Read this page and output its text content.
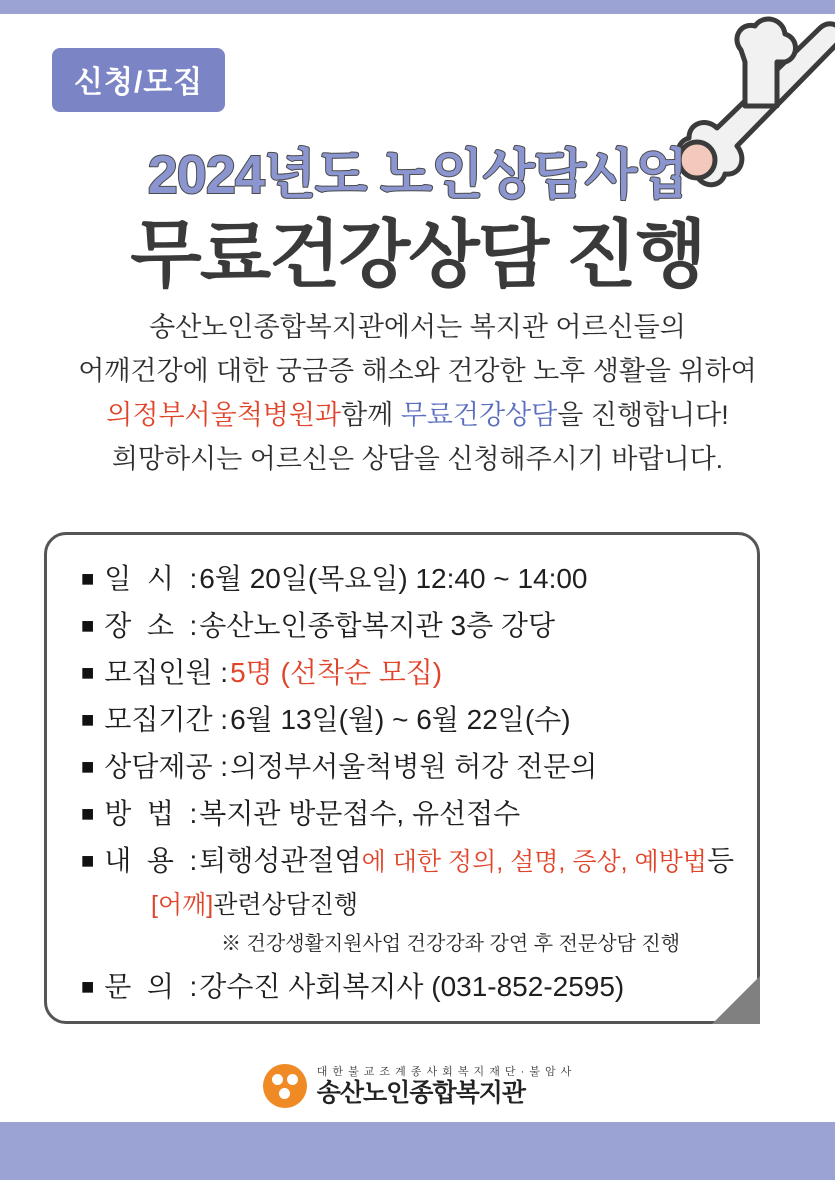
신청/모집
2024년도 노인상담사업
무료건강상담 진행
송산노인종합복지관에서는 복지관 어르신들의
어깨건강에 대한 궁금증 해소와 건강한 노후 생활을 위하여
의정부서울척병원과함께 무료건강상담을 진행합니다!
희망하시는 어르신은 상담을 신청해주시기 바랍니다.
■ 일  시  : 6월 20일(목요일) 12:40 ~ 14:00
■ 장  소  : 송산노인종합복지관 3층 강당
■ 모집인원 : 5명 (선착순 모집)
■ 모집기간 : 6월 13일(월) ~ 6월 22일(수)
■ 상담제공 : 의정부서울척병원 허강 전문의
■ 방  법  : 복지관 방문접수, 유선접수
■ 내  용  : 퇴행성관절염에 대한 정의, 설명, 증상, 예방법등
[어깨]관련상담진행
※ 건강생활지원사업 건강강좌 강연 후 전문상담 진행
■ 문  의  : 강수진 사회복지사 (031-852-2595)
대 한 불 교 조 계 종 사 회 복 지 재 단 · 불 암 사
송산노인종합복지관
